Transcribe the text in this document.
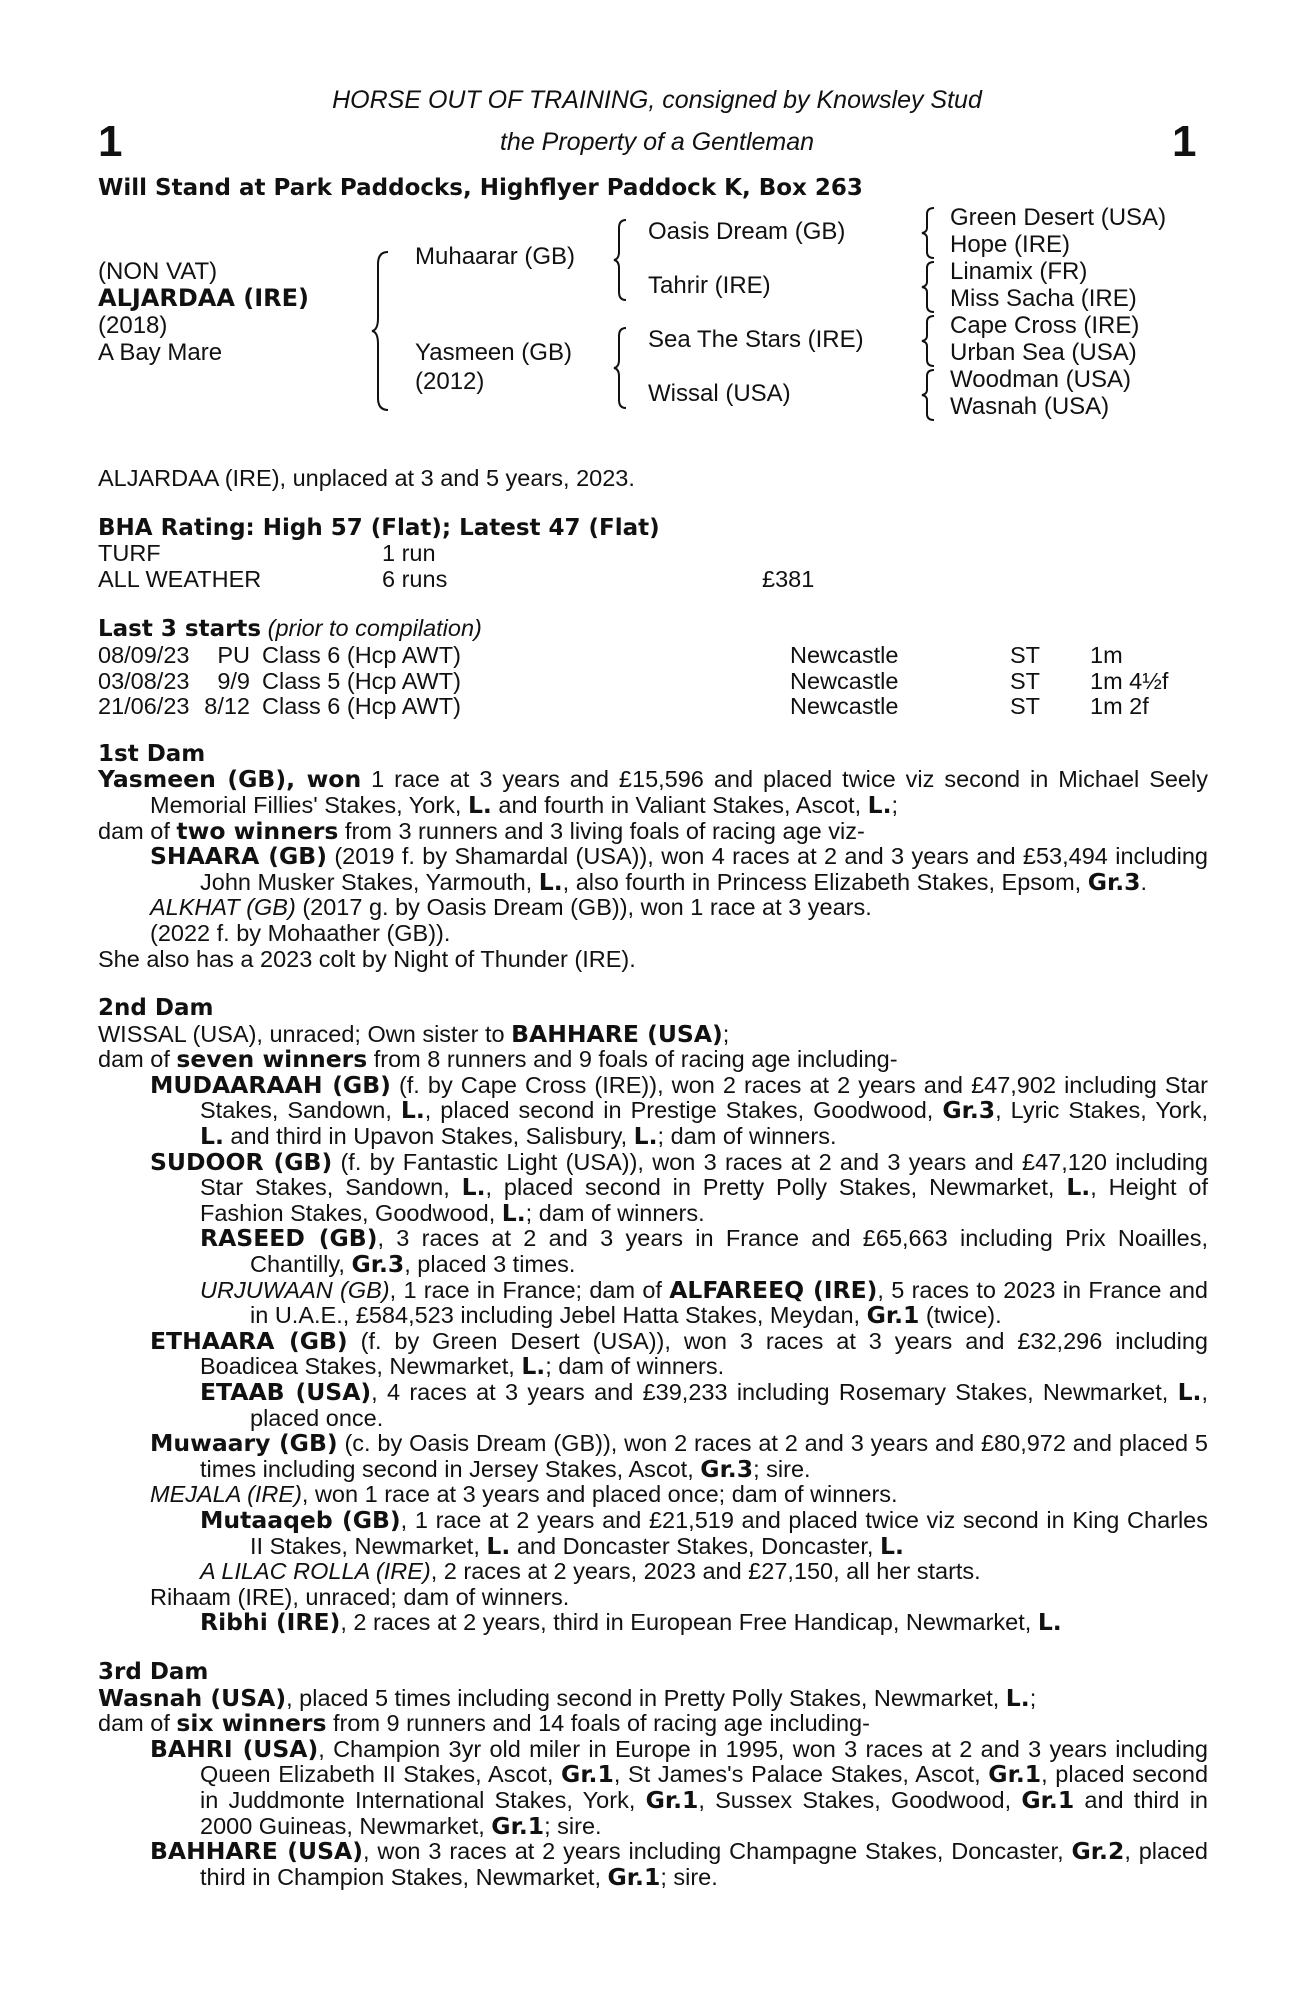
1	1
HORSE OUT OF TRAINING, consigned by Knowsley Stud
the Property of a Gentleman
Will Stand at Park Paddocks, Highflyer Paddock K, Box 263
(NON VAT)
ALJARDAA (IRE)
(2018)
A Bay Mare
Muhaarar (GB)
Yasmeen (GB)
(2012)
Oasis Dream (GB)
Tahrir (IRE)
Sea The Stars (IRE)
Wissal (USA)
Green Desert (USA)
Hope (IRE)
Linamix (FR)
Miss Sacha (IRE)
Cape Cross (IRE)
Urban Sea (USA)
Woodman (USA)
Wasnah (USA)

ALJARDAA (IRE), unplaced at 3 and 5 years, 2023.

BHA Rating: High 57 (Flat); Latest 47 (Flat)

TURF	1 run	
ALL WEATHER	6 runs	£381

Last 3 starts (prior to compilation)

08/09/23	PU	Class 6 (Hcp AWT)	Newcastle	ST	1m
03/08/23	9/9	Class 5 (Hcp AWT)	Newcastle	ST	1m 4½f
21/06/23	8/12	Class 6 (Hcp AWT)	Newcastle	ST	1m 2f

1st Dam

Yasmeen (GB), won 1 race at 3 years and £15,596 and placed twice viz second in Michael Seely Memorial Fillies' Stakes, York, L. and fourth in Valiant Stakes, Ascot, L.;

dam of two winners from 3 runners and 3 living foals of racing age viz-

SHAARA (GB) (2019 f. by Shamardal (USA)), won 4 races at 2 and 3 years and £53,494 including John Musker Stakes, Yarmouth, L., also fourth in Princess Elizabeth Stakes, Epsom, Gr.3.

ALKHAT (GB) (2017 g. by Oasis Dream (GB)), won 1 race at 3 years.

(2022 f. by Mohaather (GB)).

She also has a 2023 colt by Night of Thunder (IRE).

2nd Dam

WISSAL (USA), unraced; Own sister to BAHHARE (USA);

dam of seven winners from 8 runners and 9 foals of racing age including-

MUDAARAAH (GB) (f. by Cape Cross (IRE)), won 2 races at 2 years and £47,902 including Star Stakes, Sandown, L., placed second in Prestige Stakes, Goodwood, Gr.3, Lyric Stakes, York, L. and third in Upavon Stakes, Salisbury, L.; dam of winners.

SUDOOR (GB) (f. by Fantastic Light (USA)), won 3 races at 2 and 3 years and £47,120 including Star Stakes, Sandown, L., placed second in Pretty Polly Stakes, Newmarket, L., Height of Fashion Stakes, Goodwood, L.; dam of winners.

RASEED (GB), 3 races at 2 and 3 years in France and £65,663 including Prix Noailles, Chantilly, Gr.3, placed 3 times.

URJUWAAN (GB), 1 race in France; dam of ALFAREEQ (IRE), 5 races to 2023 in France and in U.A.E., £584,523 including Jebel Hatta Stakes, Meydan, Gr.1 (twice).

ETHAARA (GB) (f. by Green Desert (USA)), won 3 races at 3 years and £32,296 including Boadicea Stakes, Newmarket, L.; dam of winners.

ETAAB (USA), 4 races at 3 years and £39,233 including Rosemary Stakes, Newmarket, L., placed once.

Muwaary (GB) (c. by Oasis Dream (GB)), won 2 races at 2 and 3 years and £80,972 and placed 5 times including second in Jersey Stakes, Ascot, Gr.3; sire.

MEJALA (IRE), won 1 race at 3 years and placed once; dam of winners.

Mutaaqeb (GB), 1 race at 2 years and £21,519 and placed twice viz second in King Charles II Stakes, Newmarket, L. and Doncaster Stakes, Doncaster, L.

A LILAC ROLLA (IRE), 2 races at 2 years, 2023 and £27,150, all her starts.

Rihaam (IRE), unraced; dam of winners.

Ribhi (IRE), 2 races at 2 years, third in European Free Handicap, Newmarket, L.

3rd Dam

Wasnah (USA), placed 5 times including second in Pretty Polly Stakes, Newmarket, L.;

dam of six winners from 9 runners and 14 foals of racing age including-

BAHRI (USA), Champion 3yr old miler in Europe in 1995, won 3 races at 2 and 3 years including Queen Elizabeth II Stakes, Ascot, Gr.1, St James's Palace Stakes, Ascot, Gr.1, placed second in Juddmonte International Stakes, York, Gr.1, Sussex Stakes, Goodwood, Gr.1 and third in 2000 Guineas, Newmarket, Gr.1; sire.

BAHHARE (USA), won 3 races at 2 years including Champagne Stakes, Doncaster, Gr.2, placed third in Champion Stakes, Newmarket, Gr.1; sire.
